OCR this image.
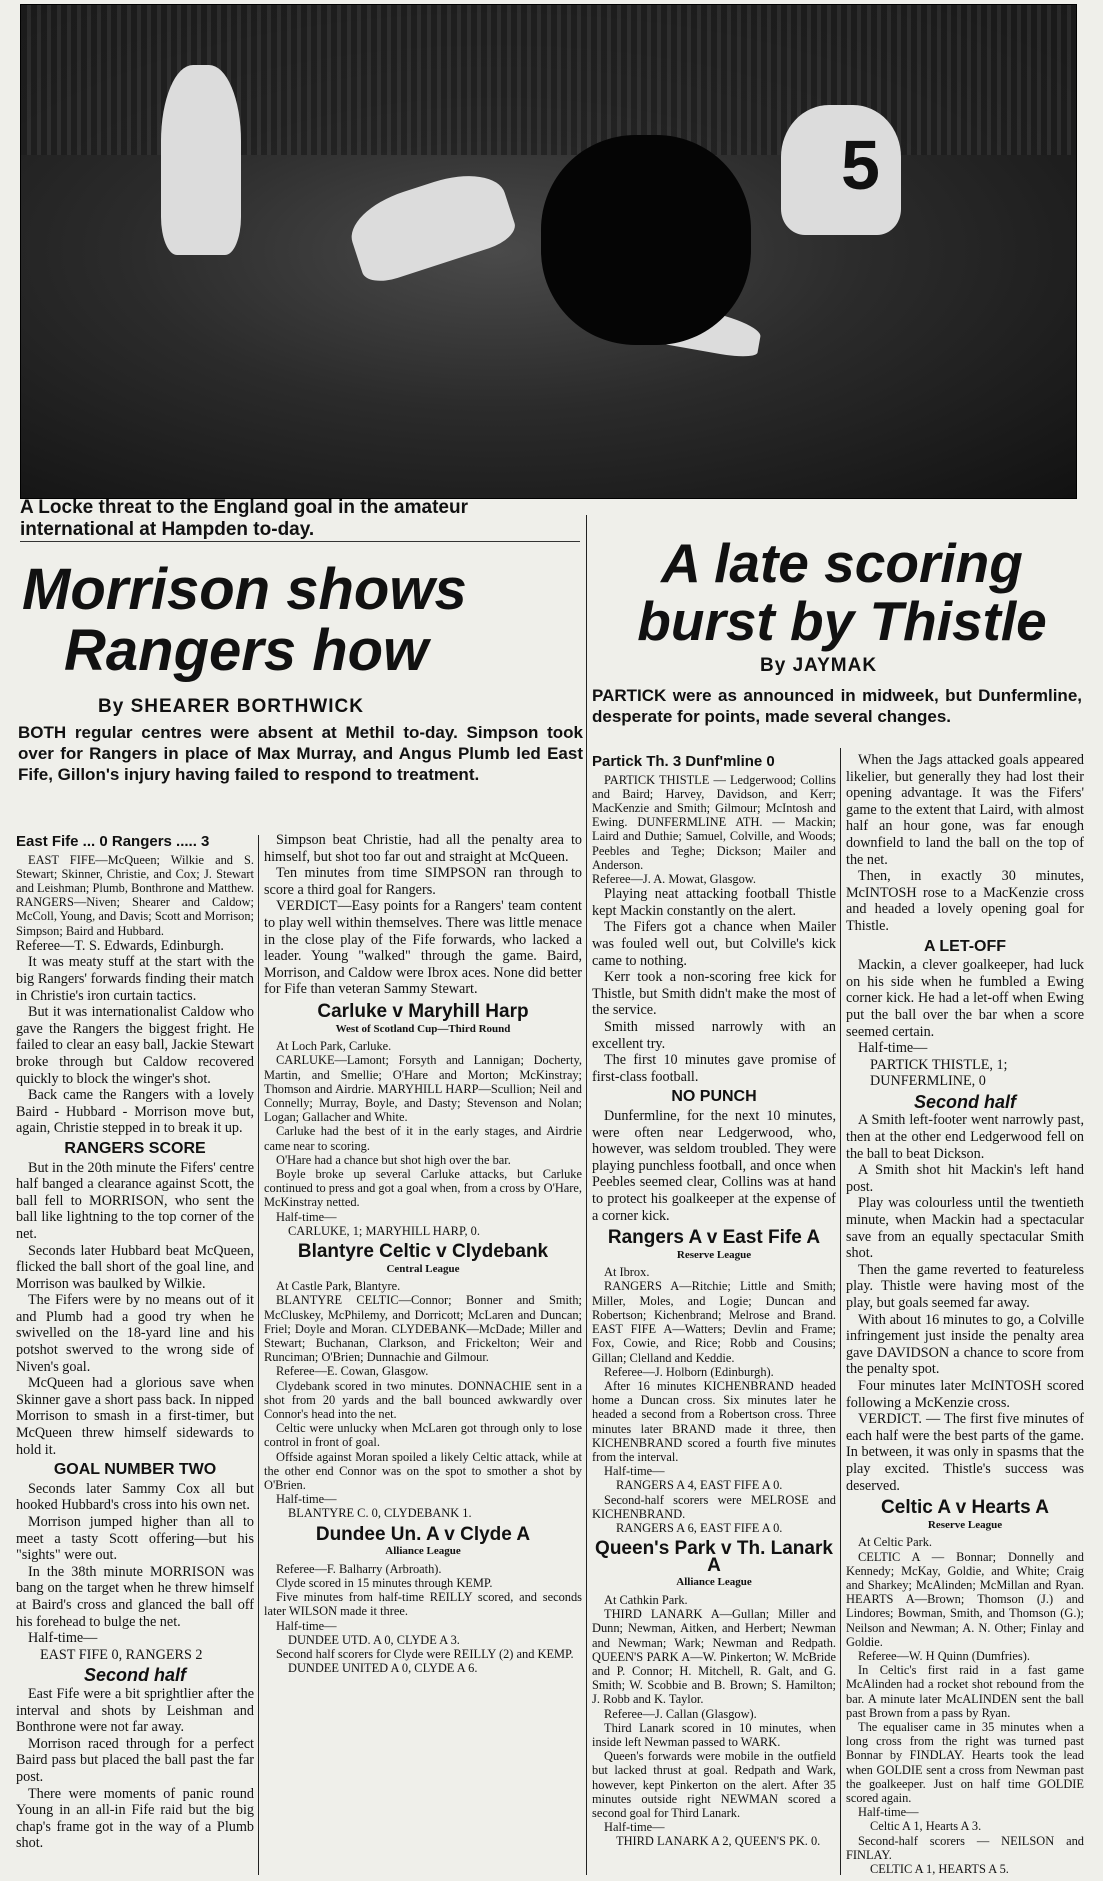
5
A Locke threat to the England goal in the amateur international at Hampden to-day.
Morrison shows
Rangers how
By SHEARER BORTHWICK
BOTH regular centres were absent at Methil to-day. Simpson took over for Rangers in place of Max Murray, and Angus Plumb led East Fife, Gillon's injury having failed to respond to treatment.
A late scoring
burst by Thistle
By JAYMAK
PARTICK were as announced in midweek, but Dunfermline, desperate for points, made several changes.

East Fife ... 0 Rangers ..... 3

EAST FIFE—McQueen; Wilkie and S. Stewart; Skinner, Christie, and Cox; J. Stewart and Leishman; Plumb, Bonthrone and Matthew. RANGERS—Niven; Shearer and Caldow; McColl, Young, and Davis; Scott and Morrison; Simpson; Baird and Hubbard.

Referee—T. S. Edwards, Edinburgh.

It was meaty stuff at the start with the big Rangers' forwards finding their match in Christie's iron curtain tactics.

But it was internationalist Caldow who gave the Rangers the biggest fright. He failed to clear an easy ball, Jackie Stewart broke through but Caldow recovered quickly to block the winger's shot.

Back came the Rangers with a lovely Baird - Hubbard - Morrison move but, again, Christie stepped in to break it up.

RANGERS SCORE

But in the 20th minute the Fifers' centre half banged a clearance against Scott, the ball fell to MORRISON, who sent the ball like lightning to the top corner of the net.

Seconds later Hubbard beat McQueen, flicked the ball short of the goal line, and Morrison was baulked by Wilkie.

The Fifers were by no means out of it and Plumb had a good try when he swivelled on the 18-yard line and his potshot swerved to the wrong side of Niven's goal.

McQueen had a glorious save when Skinner gave a short pass back. In nipped Morrison to smash in a first-timer, but McQueen threw himself sidewards to hold it.

GOAL NUMBER TWO

Seconds later Sammy Cox all but hooked Hubbard's cross into his own net.

Morrison jumped higher than all to meet a tasty Scott offering—but his "sights" were out.

In the 38th minute MORRISON was bang on the target when he threw himself at Baird's cross and glanced the ball off his forehead to bulge the net.

Half-time—

EAST FIFE 0, RANGERS 2

Second half

East Fife were a bit sprightlier after the interval and shots by Leishman and Bonthrone were not far away.

Morrison raced through for a perfect Baird pass but placed the ball past the far post.

There were moments of panic round Young in an all-in Fife raid but the big chap's frame got in the way of a Plumb shot.

Simpson beat Christie, had all the penalty area to himself, but shot too far out and straight at McQueen.

Ten minutes from time SIMPSON ran through to score a third goal for Rangers.

VERDICT—Easy points for a Rangers' team content to play well within themselves. There was little menace in the close play of the Fife forwards, who lacked a leader. Young "walked" through the game. Baird, Morrison, and Caldow were Ibrox aces. None did better for Fife than veteran Sammy Stewart.

Carluke v Maryhill Harp
West of Scotland Cup—Third Round

At Loch Park, Carluke.

CARLUKE—Lamont; Forsyth and Lannigan; Docherty, Martin, and Smellie; O'Hare and Morton; McKinstray; Thomson and Airdrie. MARYHILL HARP—Scullion; Neil and Connelly; Murray, Boyle, and Dasty; Stevenson and Nolan; Logan; Gallacher and White.

Carluke had the best of it in the early stages, and Airdrie came near to scoring.

O'Hare had a chance but shot high over the bar.

Boyle broke up several Carluke attacks, but Carluke continued to press and got a goal when, from a cross by O'Hare, McKinstray netted.

Half-time—

CARLUKE, 1; MARYHILL HARP, 0.

Blantyre Celtic v Clydebank
Central League

At Castle Park, Blantyre.

BLANTYRE CELTIC—Connor; Bonner and Smith; McCluskey, McPhilemy, and Dorricott; McLaren and Duncan; Friel; Doyle and Moran. CLYDEBANK—McDade; Miller and Stewart; Buchanan, Clarkson, and Frickelton; Weir and Runciman; O'Brien; Dunnachie and Gilmour.

Referee—E. Cowan, Glasgow.

Clydebank scored in two minutes. DONNACHIE sent in a shot from 20 yards and the ball bounced awkwardly over Connor's head into the net.

Celtic were unlucky when McLaren got through only to lose control in front of goal.

Offside against Moran spoiled a likely Celtic attack, while at the other end Connor was on the spot to smother a shot by O'Brien.

Half-time—

BLANTYRE C. 0, CLYDEBANK 1.

Dundee Un. A v Clyde A
Alliance League

Referee—F. Balharry (Arbroath).

Clyde scored in 15 minutes through KEMP.

Five minutes from half-time REILLY scored, and seconds later WILSON made it three.

Half-time—

DUNDEE UTD. A 0, CLYDE A 3.

Second half scorers for Clyde were REILLY (2) and KEMP.

DUNDEE UNITED A 0, CLYDE A 6.

Partick Th. 3 Dunf'mline 0

PARTICK THISTLE — Ledgerwood; Collins and Baird; Harvey, Davidson, and Kerr; MacKenzie and Smith; Gilmour; McIntosh and Ewing. DUNFERMLINE ATH. — Mackin; Laird and Duthie; Samuel, Colville, and Woods; Peebles and Teghe; Dickson; Mailer and Anderson.

Referee—J. A. Mowat, Glasgow.

Playing neat attacking football Thistle kept Mackin constantly on the alert.

The Fifers got a chance when Mailer was fouled well out, but Colville's kick came to nothing.

Kerr took a non-scoring free kick for Thistle, but Smith didn't make the most of the service.

Smith missed narrowly with an excellent try.

The first 10 minutes gave promise of first-class football.

NO PUNCH

Dunfermline, for the next 10 minutes, were often near Ledgerwood, who, however, was seldom troubled. They were playing punchless football, and once when Peebles seemed clear, Collins was at hand to protect his goalkeeper at the expense of a corner kick.

Rangers A v East Fife A
Reserve League

At Ibrox.

RANGERS A—Ritchie; Little and Smith; Miller, Moles, and Logie; Duncan and Robertson; Kichenbrand; Melrose and Brand. EAST FIFE A—Watters; Devlin and Frame; Fox, Cowie, and Rice; Robb and Cousins; Gillan; Clelland and Keddie.

Referee—J. Holborn (Edinburgh).

After 16 minutes KICHENBRAND headed home a Duncan cross. Six minutes later he headed a second from a Robertson cross. Three minutes later BRAND made it three, then KICHENBRAND scored a fourth five minutes from the interval.

Half-time—

RANGERS A 4, EAST FIFE A 0.

Second-half scorers were MELROSE and KICHENBRAND.

RANGERS A 6, EAST FIFE A 0.

Queen's Park v Th. Lanark A
Alliance League

At Cathkin Park.

THIRD LANARK A—Gullan; Miller and Dunn; Newman, Aitken, and Herbert; Newman and Newman; Wark; Newman and Redpath. QUEEN'S PARK A—W. Pinkerton; W. McBride and P. Connor; H. Mitchell, R. Galt, and G. Smith; W. Scobbie and B. Brown; S. Hamilton; J. Robb and K. Taylor.

Referee—J. Callan (Glasgow).

Third Lanark scored in 10 minutes, when inside left Newman passed to WARK.

Queen's forwards were mobile in the outfield but lacked thrust at goal. Redpath and Wark, however, kept Pinkerton on the alert. After 35 minutes outside right NEWMAN scored a second goal for Third Lanark.

Half-time—

THIRD LANARK A 2, QUEEN'S PK. 0.

When the Jags attacked goals appeared likelier, but generally they had lost their opening advantage. It was the Fifers' game to the extent that Laird, with almost half an hour gone, was far enough downfield to land the ball on the top of the net.

Then, in exactly 30 minutes, McINTOSH rose to a MacKenzie cross and headed a lovely opening goal for Thistle.

A LET-OFF

Mackin, a clever goalkeeper, had luck on his side when he fumbled a Ewing corner kick. He had a let-off when Ewing put the ball over the bar when a score seemed certain.

Half-time—

PARTICK THISTLE, 1;

DUNFERMLINE, 0

Second half

A Smith left-footer went narrowly past, then at the other end Ledgerwood fell on the ball to beat Dickson.

A Smith shot hit Mackin's left hand post.

Play was colourless until the twentieth minute, when Mackin had a spectacular save from an equally spectacular Smith shot.

Then the game reverted to featureless play. Thistle were having most of the play, but goals seemed far away.

With about 16 minutes to go, a Colville infringement just inside the penalty area gave DAVIDSON a chance to score from the penalty spot.

Four minutes later McINTOSH scored following a McKenzie cross.

VERDICT. — The first five minutes of each half were the best parts of the game. In between, it was only in spasms that the play excited. Thistle's success was deserved.

Celtic A v Hearts A
Reserve League

At Celtic Park.

CELTIC A — Bonnar; Donnelly and Kennedy; McKay, Goldie, and White; Craig and Sharkey; McAlinden; McMillan and Ryan. HEARTS A—Brown; Thomson (J.) and Lindores; Bowman, Smith, and Thomson (G.); Neilson and Newman; A. N. Other; Finlay and Goldie.

Referee—W. H Quinn (Dumfries).

In Celtic's first raid in a fast game McAlinden had a rocket shot rebound from the bar. A minute later McALINDEN sent the ball past Brown from a pass by Ryan.

The equaliser came in 35 minutes when a long cross from the right was turned past Bonnar by FINDLAY. Hearts took the lead when GOLDIE sent a cross from Newman past the goalkeeper. Just on half time GOLDIE scored again.

Half-time—

Celtic A 1, Hearts A 3.

Second-half scorers — NEILSON and FINLAY.

CELTIC A 1, HEARTS A 5.
